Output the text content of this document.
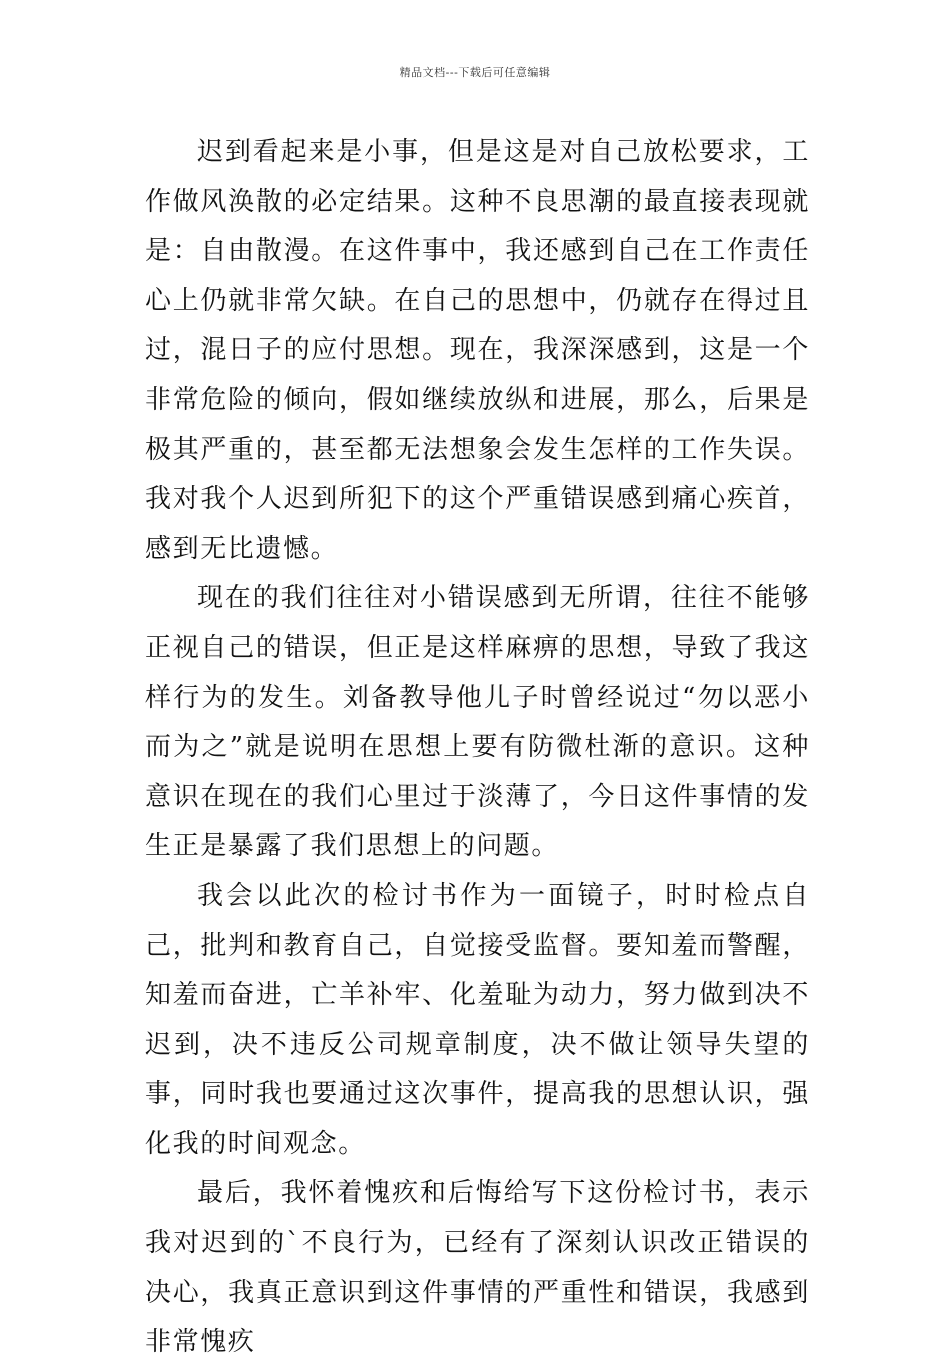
精品文档---下载后可任意编辑

迟到看起来是小事，但是这是对自己放松要求，工作做风涣散的必定结果。这种不良思潮的最直接表现就是：自由散漫。在这件事中，我还感到自己在工作责任心上仍就非常欠缺。在自己的思想中，仍就存在得过且过，混日子的应付思想。现在，我深深感到，这是一个非常危险的倾向，假如继续放纵和进展，那么，后果是极其严重的，甚至都无法想象会发生怎样的工作失误。我对我个人迟到所犯下的这个严重错误感到痛心疾首，感到无比遗憾。

现在的我们往往对小错误感到无所谓，往往不能够正视自己的错误，但正是这样麻痹的思想，导致了我这样行为的发生。刘备教导他儿子时曾经说过“勿以恶小而为之”就是说明在思想上要有防微杜渐的意识。这种意识在现在的我们心里过于淡薄了，今日这件事情的发生正是暴露了我们思想上的问题。

我会以此次的检讨书作为一面镜子，时时检点自己，批判和教育自己，自觉接受监督。要知羞而警醒，知羞而奋进，亡羊补牢、化羞耻为动力，努力做到决不迟到，决不违反公司规章制度，决不做让领导失望的事，同时我也要通过这次事件，提高我的思想认识，强化我的时间观念。

最后，我怀着愧疚和后悔给写下这份检讨书，表示我对迟到的`不良行为，已经有了深刻认识改正错误的决心，我真正意识到这件事情的严重性和错误，我感到非常愧疚
